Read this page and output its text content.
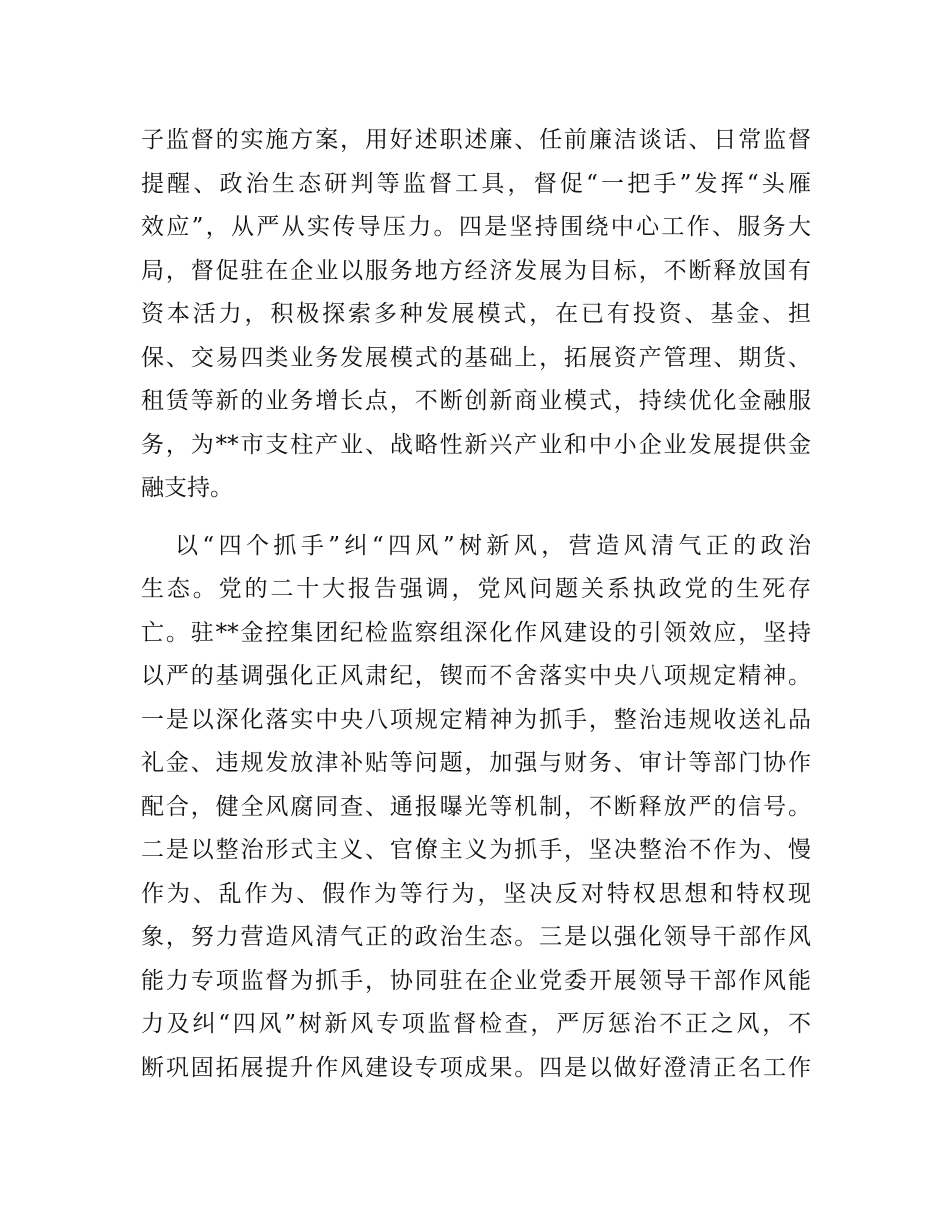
子监督的实施方案，用好述职述廉、任前廉洁谈话、日常监督
提醒、政治生态研判等监督工具，督促“一把手”发挥“头雁
效应”，从严从实传导压力。四是坚持围绕中心工作、服务大
局，督促驻在企业以服务地方经济发展为目标，不断释放国有
资本活力，积极探索多种发展模式，在已有投资、基金、担
保、交易四类业务发展模式的基础上，拓展资产管理、期货、
租赁等新的业务增长点，不断创新商业模式，持续优化金融服
务，为**市支柱产业、战略性新兴产业和中小企业发展提供金
融支持。

以“四个抓手”纠“四风”树新风，营造风清气正的政治
生态。党的二十大报告强调，党风问题关系执政党的生死存
亡。驻**金控集团纪检监察组深化作风建设的引领效应，坚持
以严的基调强化正风肃纪，锲而不舍落实中央八项规定精神。
一是以深化落实中央八项规定精神为抓手，整治违规收送礼品
礼金、违规发放津补贴等问题，加强与财务、审计等部门协作
配合，健全风腐同查、通报曝光等机制，不断释放严的信号。
二是以整治形式主义、官僚主义为抓手，坚决整治不作为、慢
作为、乱作为、假作为等行为，坚决反对特权思想和特权现
象，努力营造风清气正的政治生态。三是以强化领导干部作风
能力专项监督为抓手，协同驻在企业党委开展领导干部作风能
力及纠“四风”树新风专项监督检查，严厉惩治不正之风，不
断巩固拓展提升作风建设专项成果。四是以做好澄清正名工作
